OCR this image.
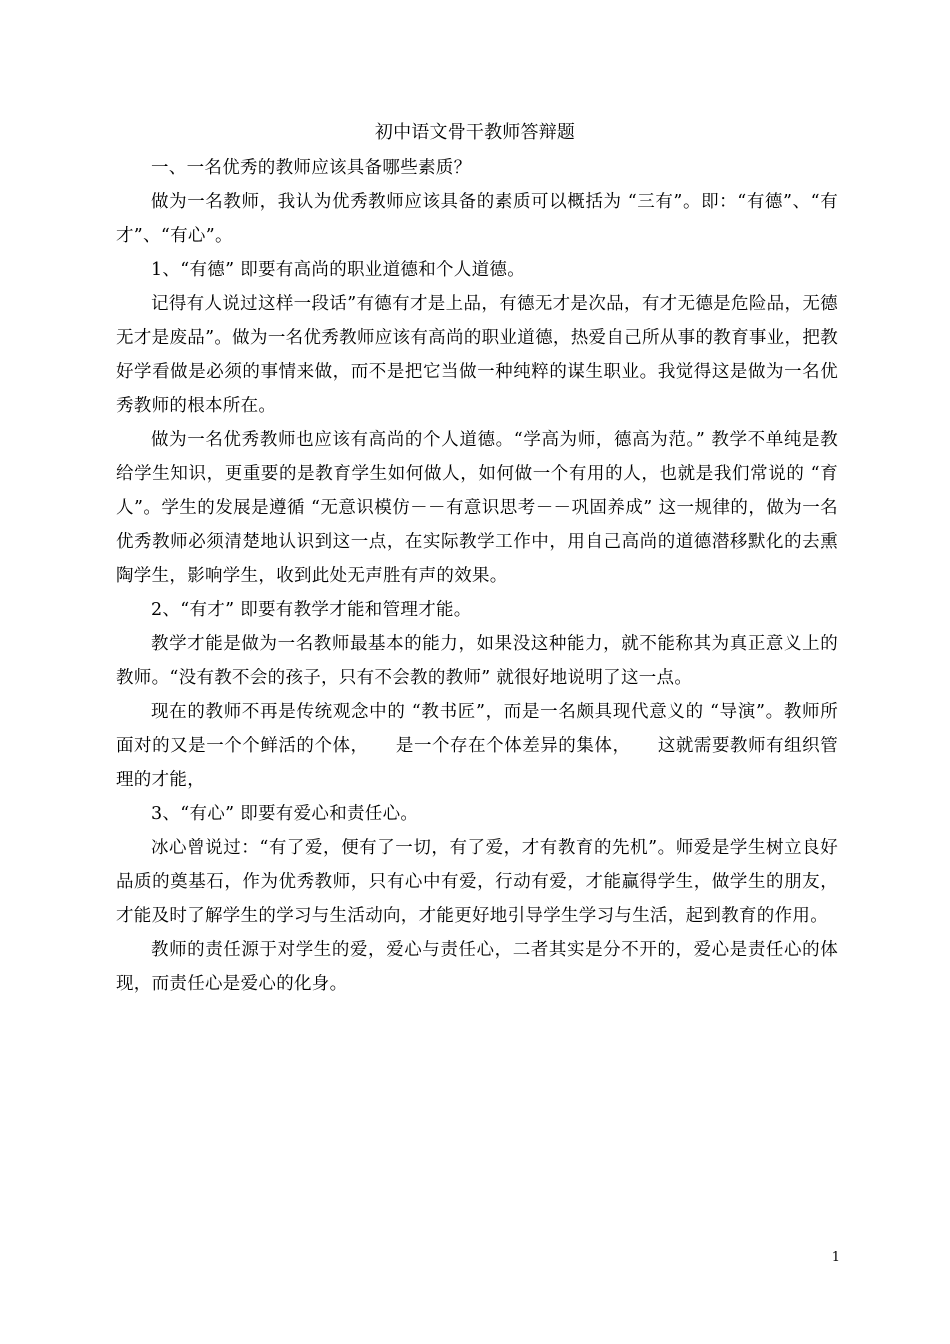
初中语文骨干教师答辩题

一、一名优秀的教师应该具备哪些素质？

做为一名教师，我认为优秀教师应该具备的素质可以概括为 “三有”。即：“有德”、“有才”、“有心”。

1、“有德” 即要有高尚的职业道德和个人道德。

记得有人说过这样一段话”有德有才是上品，有德无才是次品，有才无德是危险品，无德无才是废品”。做为一名优秀教师应该有高尚的职业道德，热爱自己所从事的教育事业，把教好学看做是必须的事情来做，而不是把它当做一种纯粹的谋生职业。我觉得这是做为一名优秀教师的根本所在。

做为一名优秀教师也应该有高尚的个人道德。“学高为师，德高为范。” 教学不单纯是教给学生知识，更重要的是教育学生如何做人，如何做一个有用的人，也就是我们常说的 “育人”。学生的发展是遵循 “无意识模仿－－有意识思考－－巩固养成” 这一规律的，做为一名优秀教师必须清楚地认识到这一点，在实际教学工作中，用自己高尚的道德潜移默化的去熏陶学生，影响学生，收到此处无声胜有声的效果。

2、“有才” 即要有教学才能和管理才能。

教学才能是做为一名教师最基本的能力，如果没这种能力，就不能称其为真正意义上的教师。“没有教不会的孩子，只有不会教的教师” 就很好地说明了这一点。

现在的教师不再是传统观念中的 “教书匠”，而是一名颇具现代意义的 “导演”。教师所面对的又是一个个鲜活的个体，　　是一个存在个体差异的集体，　　这就需要教师有组织管理的才能，

3、“有心” 即要有爱心和责任心。

冰心曾说过：“有了爱，便有了一切，有了爱，才有教育的先机”。师爱是学生树立良好品质的奠基石，作为优秀教师，只有心中有爱，行动有爱，才能赢得学生，做学生的朋友，才能及时了解学生的学习与生活动向，才能更好地引导学生学习与生活，起到教育的作用。

教师的责任源于对学生的爱，爱心与责任心，二者其实是分不开的，爱心是责任心的体现，而责任心是爱心的化身。

1
